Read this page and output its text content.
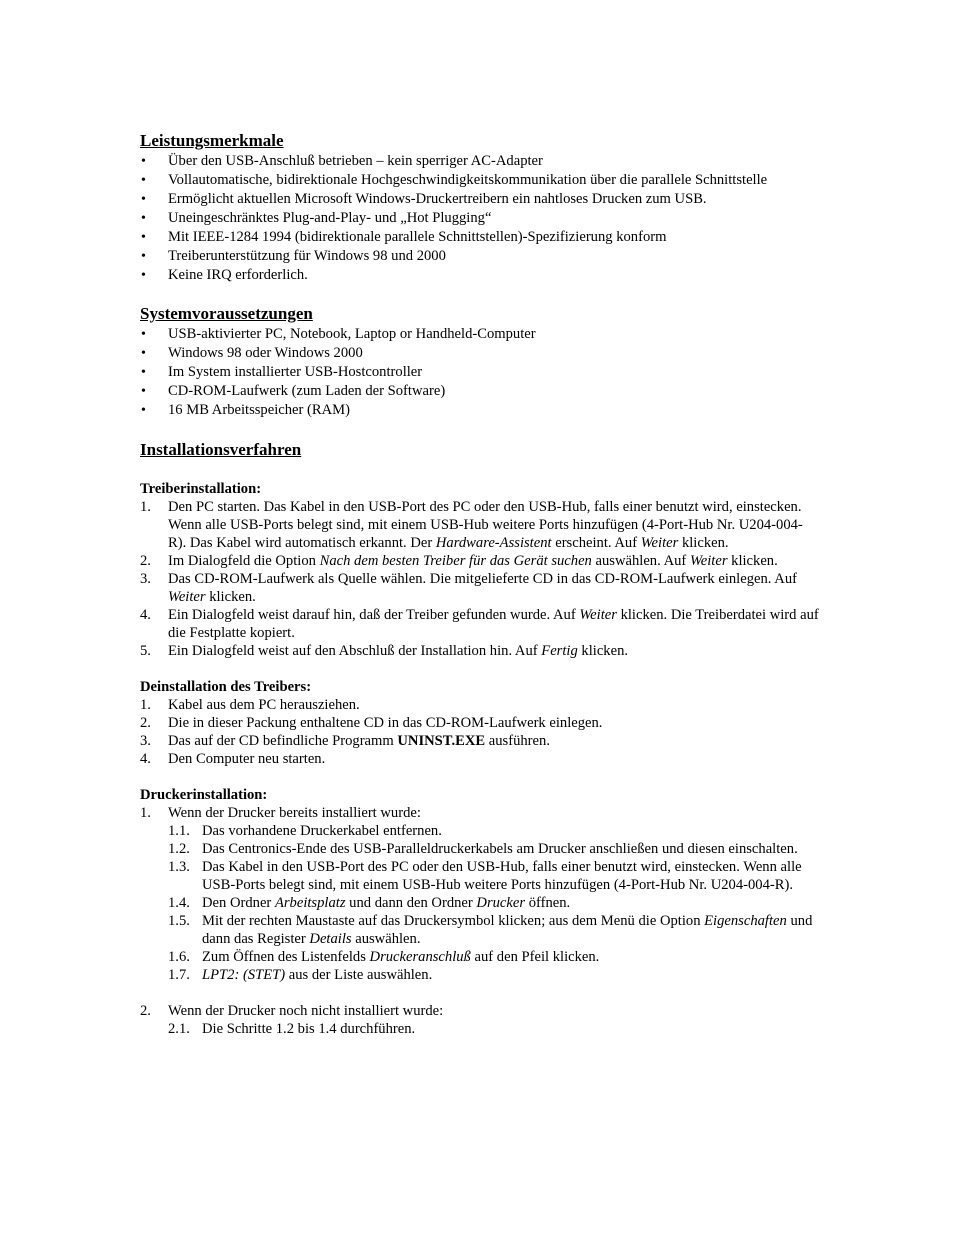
Leistungsmerkmale
• Über den USB-Anschluß betrieben – kein sperriger AC-Adapter
• Vollautomatische, bidirektionale Hochgeschwindigkeitskommunikation über die parallele Schnittstelle
• Ermöglicht aktuellen Microsoft Windows-Druckertreibern ein nahtloses Drucken zum USB.
• Uneingeschränktes Plug-and-Play- und „Hot Plugging“
• Mit IEEE-1284 1994 (bidirektionale parallele Schnittstellen)-Spezifizierung konform
• Treiberunterstützung für Windows 98 und 2000
• Keine IRQ erforderlich.
Systemvoraussetzungen
• USB-aktivierter PC, Notebook, Laptop or Handheld-Computer
• Windows 98 oder Windows 2000
• Im System installierter USB-Hostcontroller
• CD-ROM-Laufwerk (zum Laden der Software)
• 16 MB Arbeitsspeicher (RAM)
Installationsverfahren

Treiberinstallation:

1. Den PC starten. Das Kabel in den USB-Port des PC oder den USB-Hub, falls einer benutzt wird, einstecken. Wenn alle USB-Ports belegt sind, mit einem USB-Hub weitere Ports hinzufügen (4-Port-Hub Nr. U204-004-R). Das Kabel wird automatisch erkannt. Der Hardware-Assistent erscheint. Auf Weiter klicken.
2. Im Dialogfeld die Option Nach dem besten Treiber für das Gerät suchen auswählen. Auf Weiter klicken.
3. Das CD-ROM-Laufwerk als Quelle wählen. Die mitgelieferte CD in das CD-ROM-Laufwerk einlegen. Auf Weiter klicken.
4. Ein Dialogfeld weist darauf hin, daß der Treiber gefunden wurde. Auf Weiter klicken. Die Treiberdatei wird auf die Festplatte kopiert.
5. Ein Dialogfeld weist auf den Abschluß der Installation hin. Auf Fertig klicken.

Deinstallation des Treibers:

1. Kabel aus dem PC herausziehen.
2. Die in dieser Packung enthaltene CD in das CD-ROM-Laufwerk einlegen.
3. Das auf der CD befindliche Programm UNINST.EXE ausführen.
4. Den Computer neu starten.

Druckerinstallation:

1. Wenn der Drucker bereits installiert wurde:
1.1. Das vorhandene Druckerkabel entfernen.
1.2. Das Centronics-Ende des USB-Paralleldruckerkabels am Drucker anschließen und diesen einschalten.
1.3. Das Kabel in den USB-Port des PC oder den USB-Hub, falls einer benutzt wird, einstecken. Wenn alle USB-Ports belegt sind, mit einem USB-Hub weitere Ports hinzufügen (4-Port-Hub Nr. U204-004-R).
1.4. Den Ordner Arbeitsplatz und dann den Ordner Drucker öffnen.
1.5. Mit der rechten Maustaste auf das Druckersymbol klicken; aus dem Menü die Option Eigenschaften und dann das Register Details auswählen.
1.6. Zum Öffnen des Listenfelds Druckeranschluß auf den Pfeil klicken.
1.7. LPT2: (STET) aus der Liste auswählen.
2. Wenn der Drucker noch nicht installiert wurde:
2.1. Die Schritte 1.2 bis 1.4 durchführen.
